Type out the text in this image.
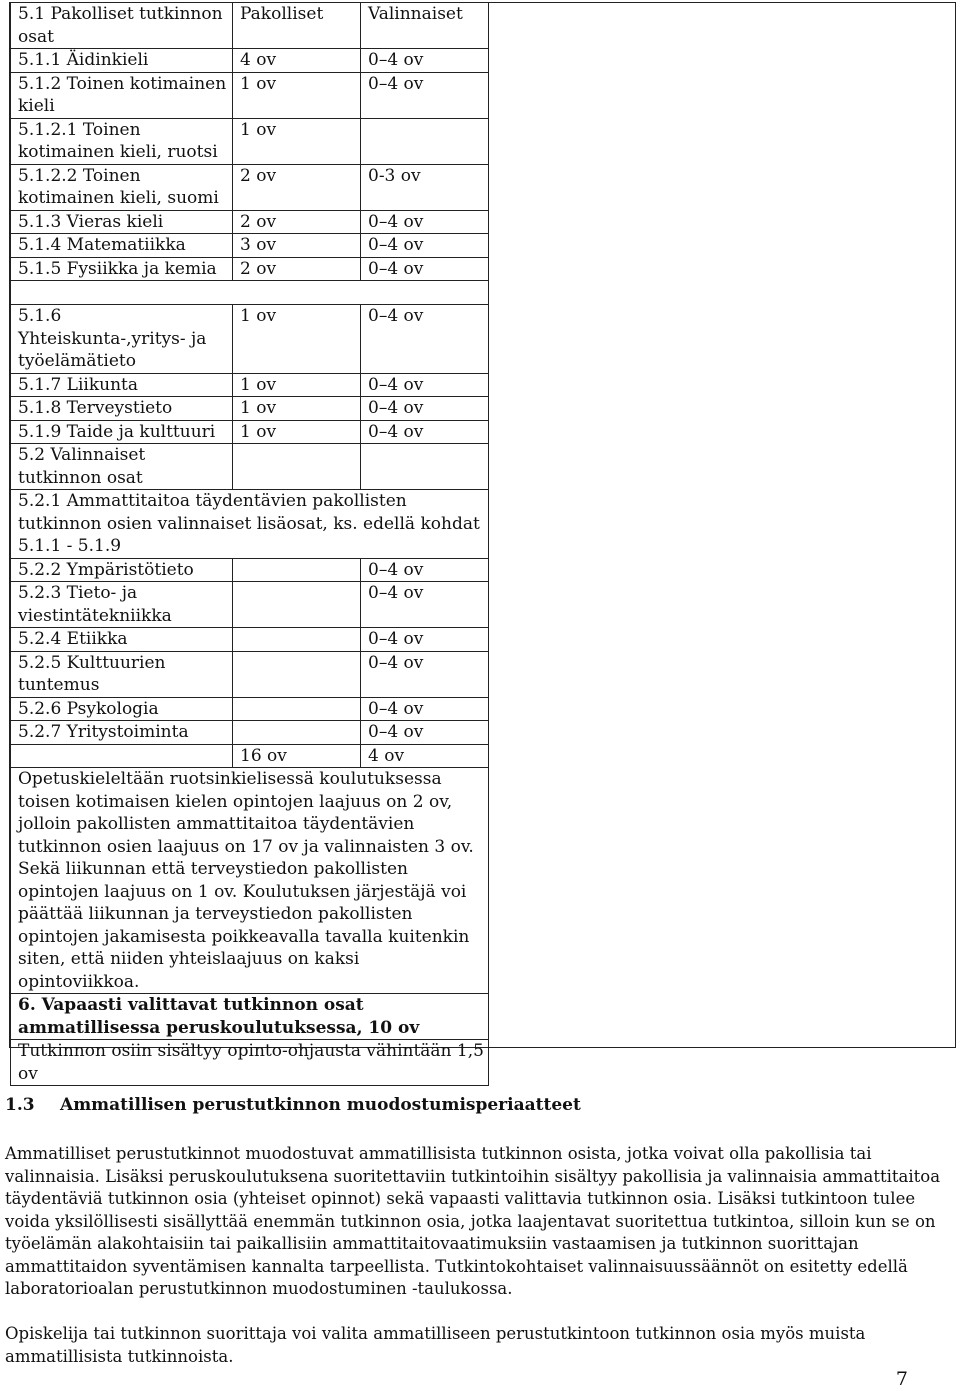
5.1 Pakolliset tutkinnon osat	Pakolliset	Valinnaiset
5.1.1 Äidinkieli	4 ov	0–4 ov
5.1.2 Toinen kotimainen kieli	1 ov	0–4 ov
5.1.2.1 Toinen kotimainen kieli, ruotsi	1 ov	
5.1.2.2 Toinen kotimainen kieli, suomi	2 ov	0-3 ov
5.1.3 Vieras kieli	2 ov	0–4 ov
5.1.4 Matematiikka	3 ov	0–4 ov
5.1.5 Fysiikka ja kemia	2 ov	0–4 ov

5.1.6 Yhteiskunta-,yritys- ja työelämätieto	1 ov	0–4 ov
5.1.7 Liikunta	1 ov	0–4 ov
5.1.8 Terveystieto	1 ov	0–4 ov
5.1.9 Taide ja kulttuuri	1 ov	0–4 ov
5.2 Valinnaiset tutkinnon osat		
5.2.1 Ammattitaitoa täydentävien pakollisten tutkinnon osien valinnaiset lisäosat, ks. edellä kohdat 5.1.1 - 5.1.9		
5.2.2 Ympäristötieto		0–4 ov
5.2.3 Tieto- ja viestintätekniikka		0–4 ov
5.2.4 Etiikka		0–4 ov
5.2.5 Kulttuurien tuntemus		0–4 ov
5.2.6 Psykologia		0–4 ov
5.2.7 Yritystoiminta		0–4 ov
	16 ov	4 ov
Opetuskieleltään ruotsinkielisessä koulutuksessa toisen kotimaisen kielen opintojen laajuus on 2 ov, jolloin pakollisten ammattitaitoa täydentävien tutkinnon osien laajuus on 17 ov ja valinnaisten 3 ov. Sekä liikunnan että terveystiedon pakollisten opintojen laajuus on 1 ov. Koulutuksen järjestäjä voi päättää liikunnan ja terveystiedon pakollisten opintojen jakamisesta poikkeavalla tavalla kuitenkin siten, että niiden yhteislaajuus on kaksi opintoviikkoa.		
6. Vapaasti valittavat tutkinnon osat ammatillisessa peruskoulutuksessa, 10 ov		
Tutkinnon osiin sisältyy opinto-ohjausta vähintään 1,5 ov		
1.3 Ammatillisen perustutkinnon muodostumisperiaatteet

Ammatilliset perustutkinnot muodostuvat ammatillisista tutkinnon osista, jotka voivat olla pakollisia tai valinnaisia. Lisäksi peruskoulutuksena suoritettaviin tutkintoihin sisältyy pakollisia ja valinnaisia ammattitaitoa täydentäviä tutkinnon osia (yhteiset opinnot) sekä vapaasti valittavia tutkinnon osia. Lisäksi tutkintoon tulee voida yksilöllisesti sisällyttää enemmän tutkinnon osia, jotka laajentavat suoritettua tutkintoa, silloin kun se on työelämän alakohtaisiin tai paikallisiin ammattitaitovaatimuksiin vastaamisen ja tutkinnon suorittajan ammattitaidon syventämisen kannalta tarpeellista. Tutkintokohtaiset valinnaisuussäännöt on esitetty edellä laboratorioalan perustutkinnon muodostuminen -taulukossa.

Opiskelija tai tutkinnon suorittaja voi valita ammatilliseen perustutkintoon tutkinnon osia myös muista ammatillisista tutkinnoista.

7
